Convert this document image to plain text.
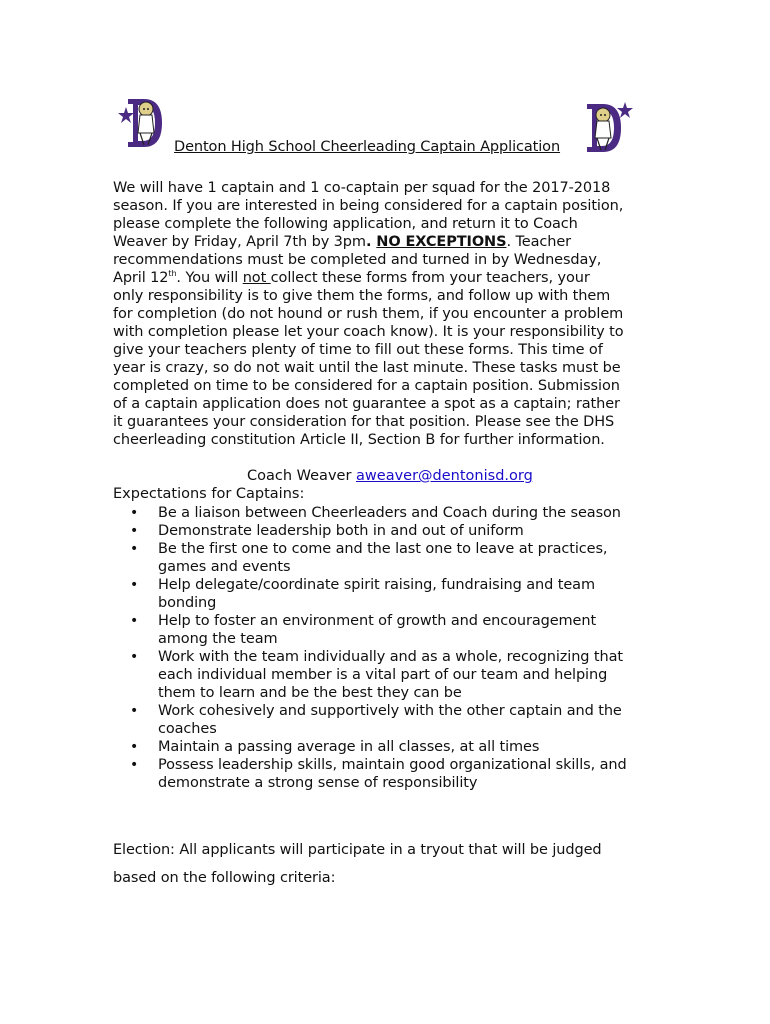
D
D
Denton High School Cheerleading Captain Application
We will have 1 captain and 1 co-captain per squad for the 2017-2018
season. If you are interested in being considered for a captain position,
please complete the following application, and return it to Coach
Weaver by Friday, April 7th by 3pm. NO EXCEPTIONS. Teacher
recommendations must be completed and turned in by Wednesday,
April 12th. You will not collect these forms from your teachers, your
only responsibility is to give them the forms, and follow up with them
for completion (do not hound or rush them, if you encounter a problem
with completion please let your coach know). It is your responsibility to
give your teachers plenty of time to fill out these forms. This time of
year is crazy, so do not wait until the last minute. These tasks must be
completed on time to be considered for a captain position. Submission
of a captain application does not guarantee a spot as a captain; rather
it guarantees your consideration for that position. Please see the DHS
cheerleading constitution Article II, Section B for further information.
Coach Weaver aweaver@dentonisd.org
Expectations for Captains:
• Be a liaison between Cheerleaders and Coach during the season
• Demonstrate leadership both in and out of uniform
• Be the first one to come and the last one to leave at practices,
games and events
• Help delegate/coordinate spirit raising, fundraising and team
bonding
• Help to foster an environment of growth and encouragement
among the team
• Work with the team individually and as a whole, recognizing that
each individual member is a vital part of our team and helping
them to learn and be the best they can be
• Work cohesively and supportively with the other captain and the
coaches
• Maintain a passing average in all classes, at all times
• Possess leadership skills, maintain good organizational skills, and
demonstrate a strong sense of responsibility
Election: All applicants will participate in a tryout that will be judged
based on the following criteria:
